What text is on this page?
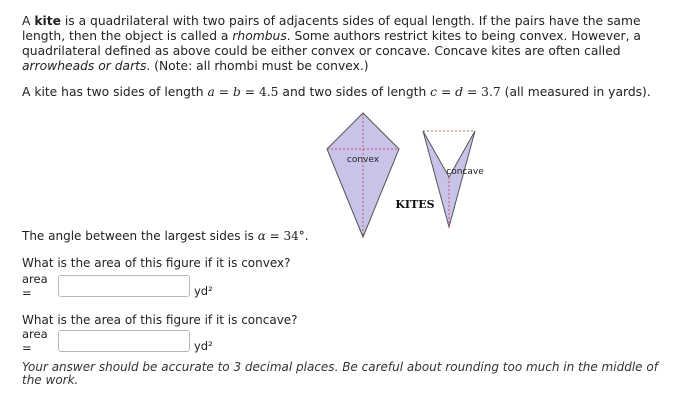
A kite is a quadrilateral with two pairs of adjacents sides of equal length. If the pairs have the same length, then the object is called a rhombus. Some authors restrict kites to being convex. However, a quadrilateral defined as above could be either convex or concave. Concave kites are often called arrowheads or darts. (Note: all rhombi must be convex.)

A kite has two sides of length a = b = 4.5 and two sides of length c = d = 3.7 (all measured in yards).

convex
concave
KITES

The angle between the largest sides is α = 34°.

What is the area of this figure if it is convex?

area =	yd²

What is the area of this figure if it is concave?

area =	yd²

Your answer should be accurate to 3 decimal places. Be careful about rounding too much in the middle of the work.
